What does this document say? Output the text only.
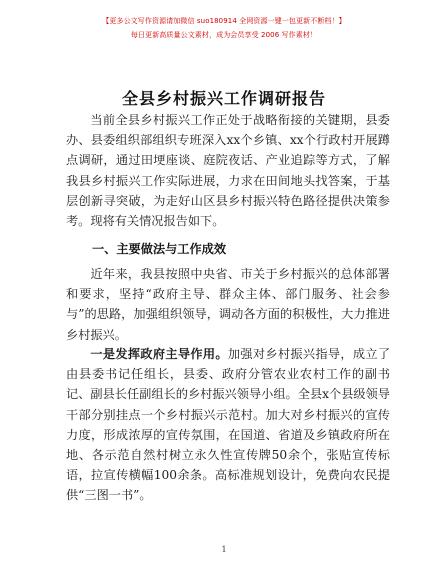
【更多公文写作资源请加微信 suo180914 全网资源一键一包更新不断档！】
每日更新高质量公文素材，成为会员享受 2006 写作素材！
全县乡村振兴工作调研报告

当前全县乡村振兴工作正处于战略衔接的关键期，县委办、县委组织部组织专班深入xx个乡镇、xx个行政村开展蹲点调研，通过田埂座谈、庭院夜话、产业追踪等方式，了解我县乡村振兴工作实际进展，力求在田间地头找答案，于基层创新寻突破，为走好山区县乡村振兴特色路径提供决策参考。现将有关情况报告如下。

一、主要做法与工作成效

近年来，我县按照中央省、市关于乡村振兴的总体部署和要求，坚持“政府主导、群众主体、部门服务、社会参与”的思路，加强组织领导，调动各方面的积极性，大力推进乡村振兴。

一是发挥政府主导作用。加强对乡村振兴指导，成立了由县委书记任组长，县委、政府分管农业农村工作的副书记、副县长任副组长的乡村振兴领导小组。全县x个县级领导干部分别挂点一个乡村振兴示范村。加大对乡村振兴的宣传力度，形成浓厚的宣传氛围，在国道、省道及乡镇政府所在地、各示范自然村树立永久性宣传牌50余个，张贴宣传标语，拉宣传横幅100余条。高标准规划设计，免费向农民提供“三图一书”。

1
